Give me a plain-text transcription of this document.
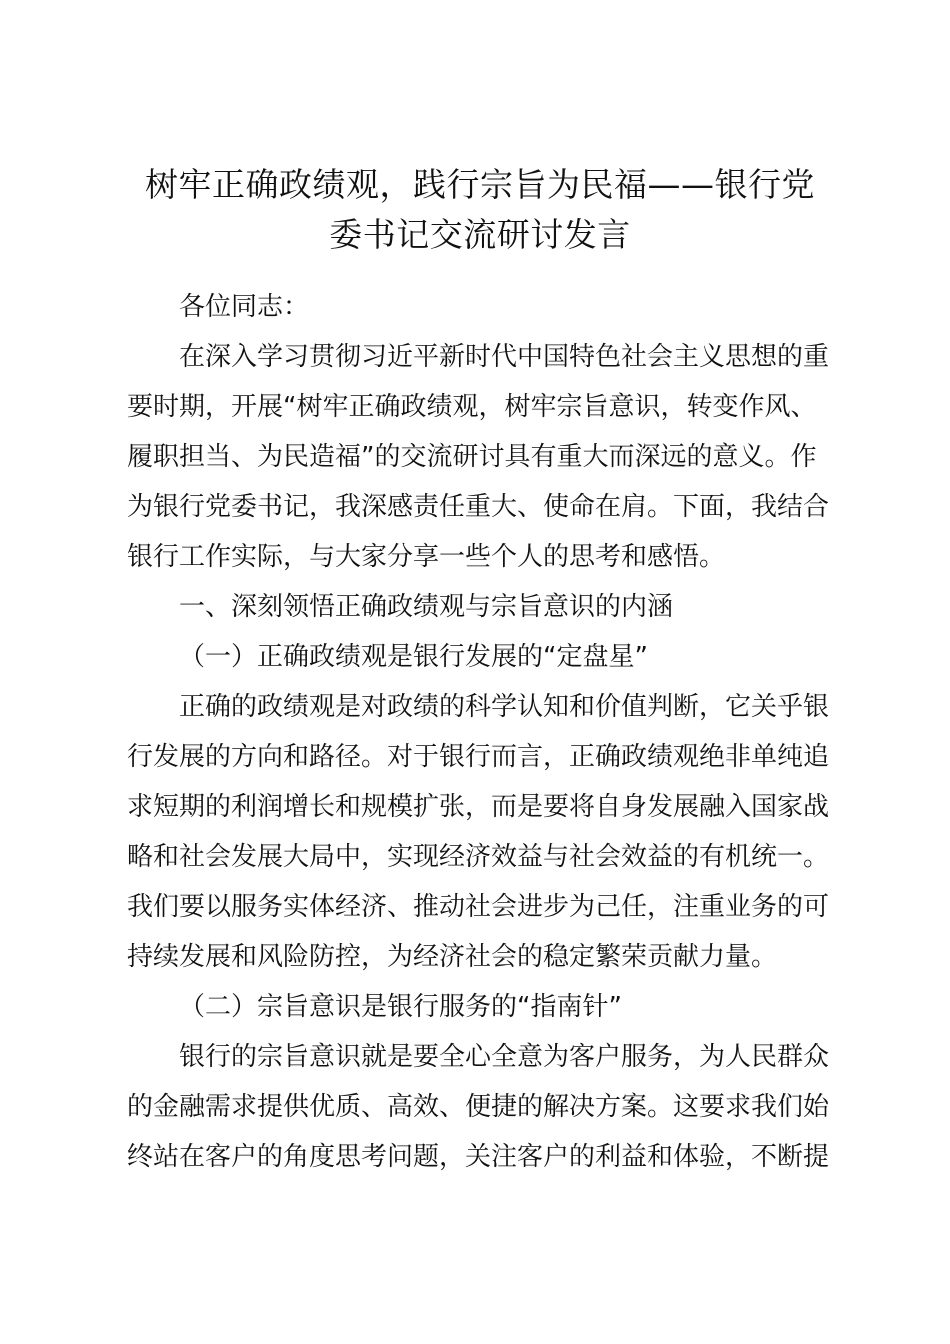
树牢正确政绩观，践行宗旨为民福——银行党
委书记交流研讨发言

各位同志：

在深入学习贯彻习近平新时代中国特色社会主义思想的重
要时期，开展“树牢正确政绩观，树牢宗旨意识，转变作风、
履职担当、为民造福”的交流研讨具有重大而深远的意义。作
为银行党委书记，我深感责任重大、使命在肩。下面，我结合
银行工作实际，与大家分享一些个人的思考和感悟。

一、深刻领悟正确政绩观与宗旨意识的内涵

（一）正确政绩观是银行发展的“定盘星”

正确的政绩观是对政绩的科学认知和价值判断，它关乎银
行发展的方向和路径。对于银行而言，正确政绩观绝非单纯追
求短期的利润增长和规模扩张，而是要将自身发展融入国家战
略和社会发展大局中，实现经济效益与社会效益的有机统一。
我们要以服务实体经济、推动社会进步为己任，注重业务的可
持续发展和风险防控，为经济社会的稳定繁荣贡献力量。

（二）宗旨意识是银行服务的“指南针”

银行的宗旨意识就是要全心全意为客户服务，为人民群众
的金融需求提供优质、高效、便捷的解决方案。这要求我们始
终站在客户的角度思考问题，关注客户的利益和体验，不断提
